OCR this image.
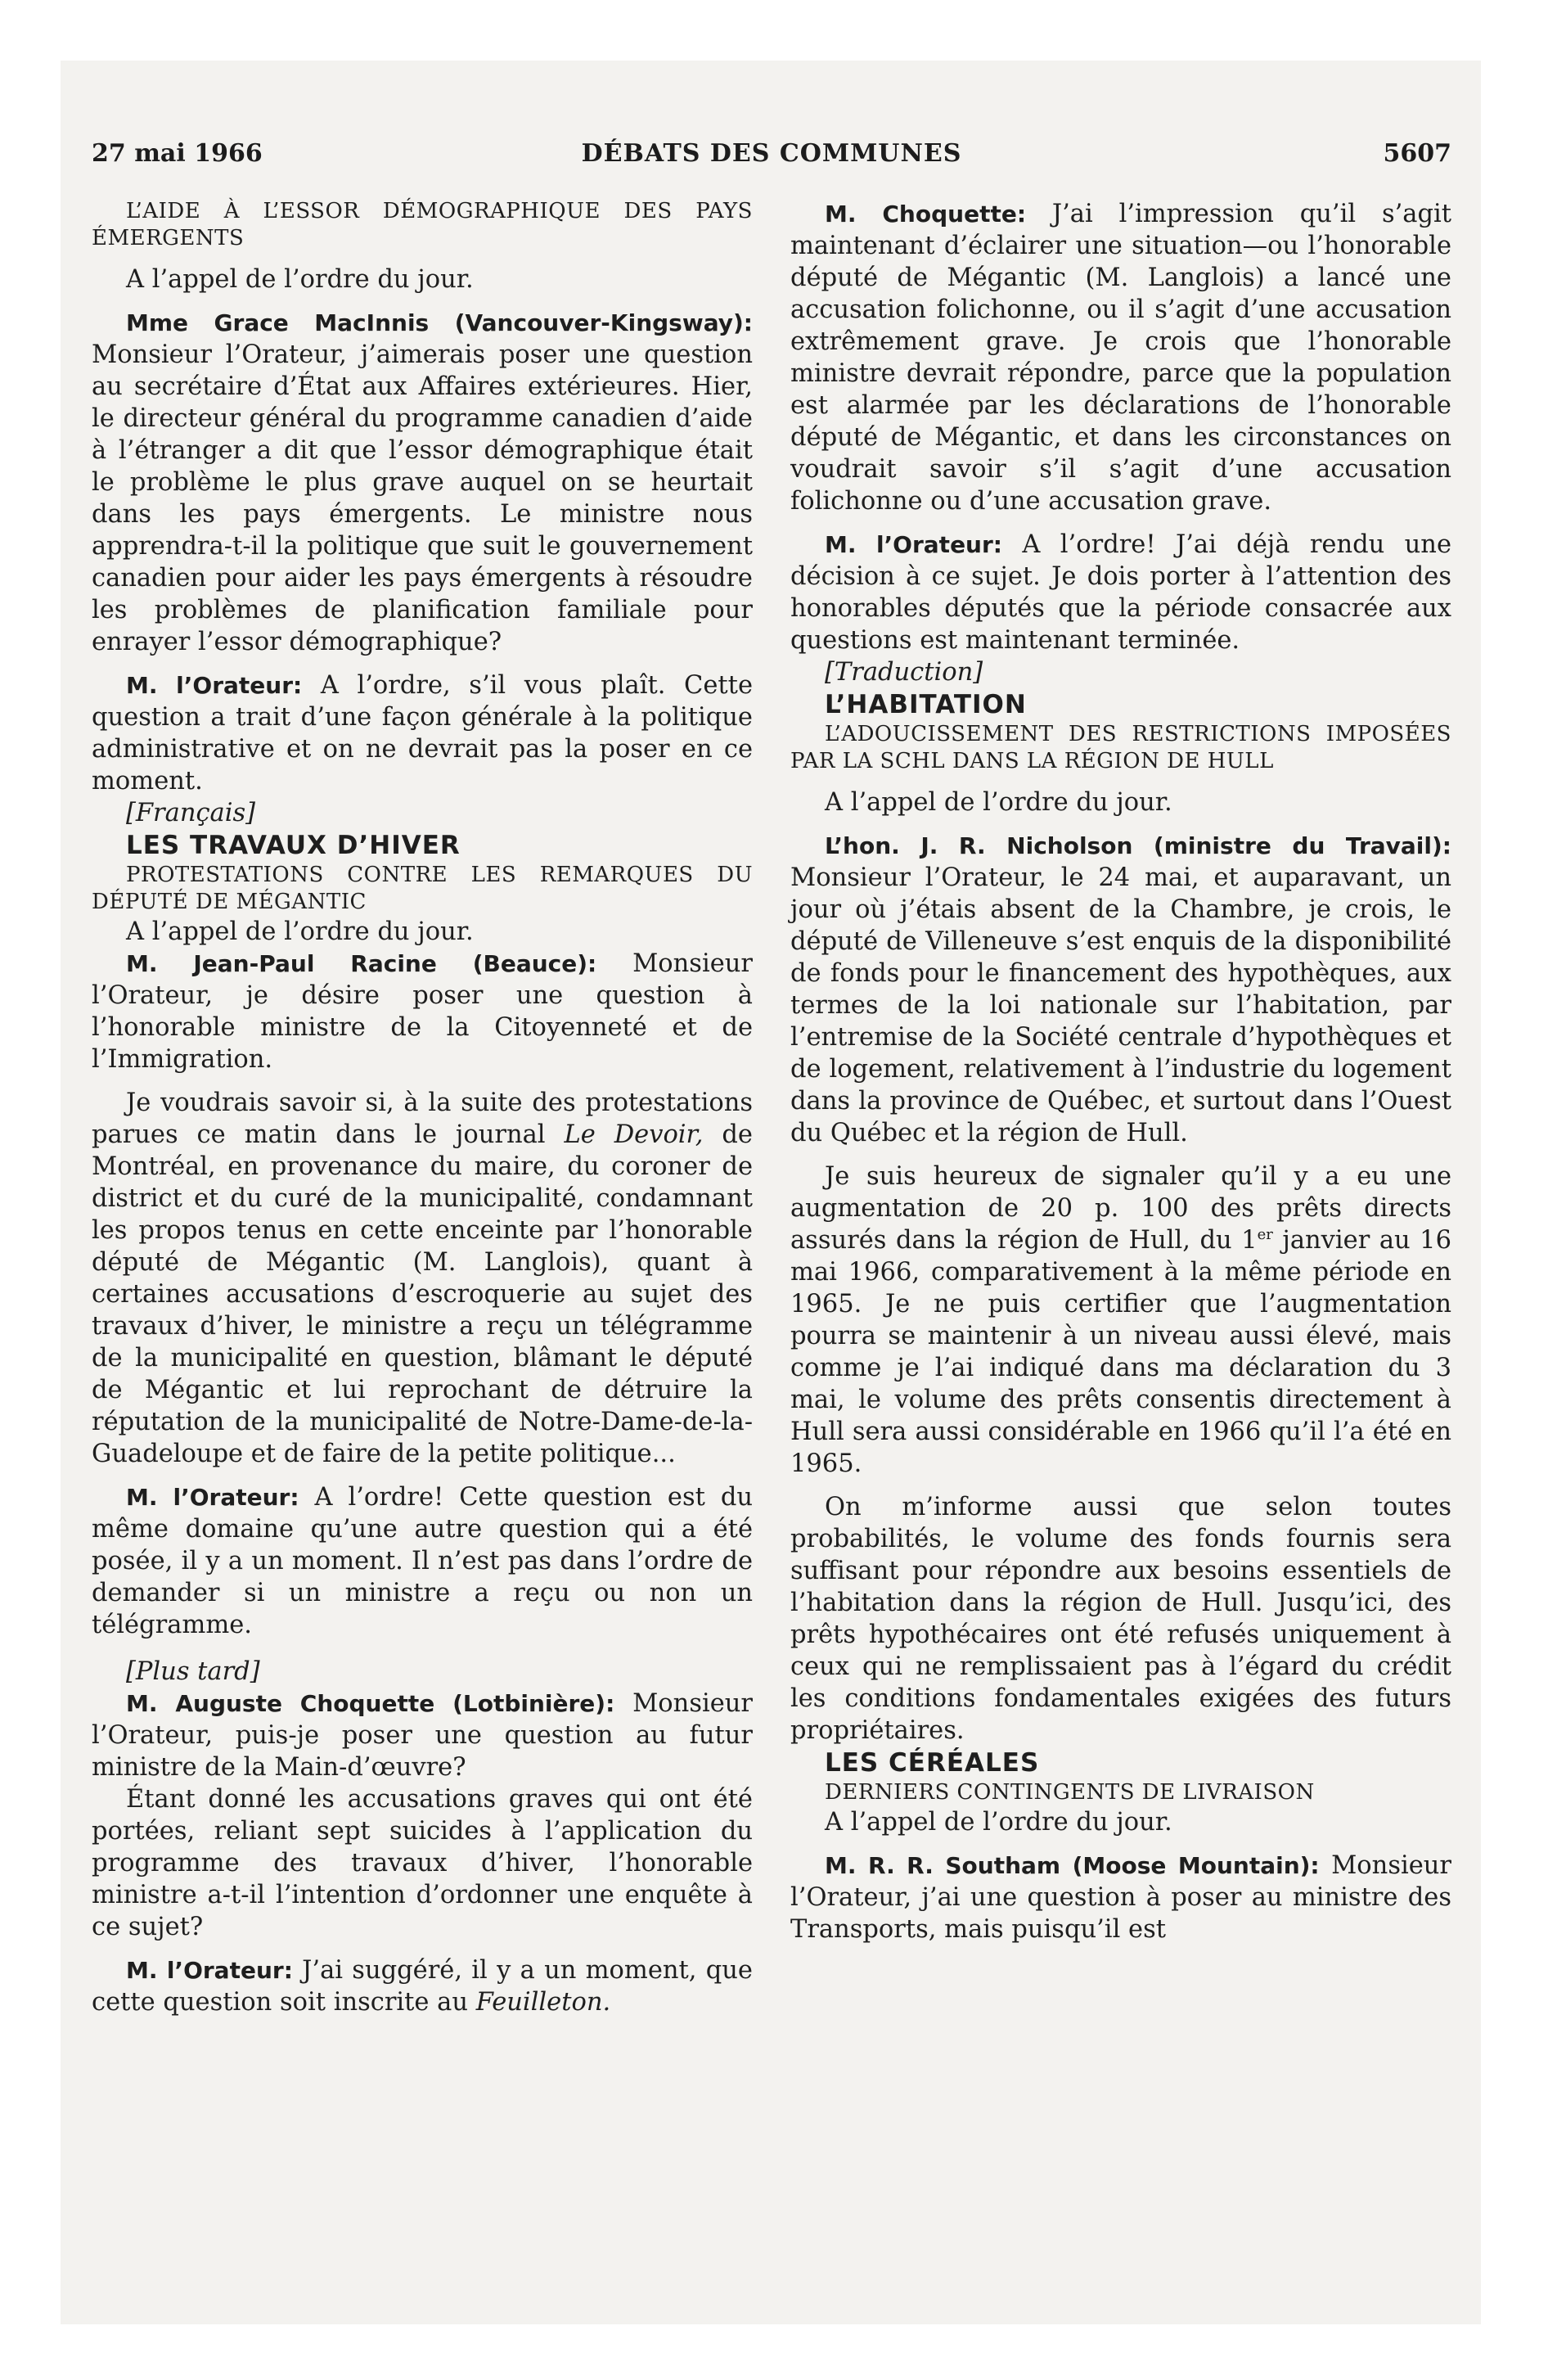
27 mai 1966	DÉBATS DES COMMUNES	5607

L’AIDE À L’ESSOR DÉMOGRAPHIQUE DES PAYS ÉMERGENTS

A l’appel de l’ordre du jour.

Mme Grace MacInnis (Vancouver-Kingsway): Monsieur l’Orateur, j’aimerais poser une question au secrétaire d’État aux Affaires extérieures. Hier, le directeur général du programme canadien d’aide à l’étranger a dit que l’essor démographique était le problème le plus grave auquel on se heurtait dans les pays émergents. Le ministre nous apprendra-t-il la politique que suit le gouvernement canadien pour aider les pays émergents à résoudre les problèmes de planification familiale pour enrayer l’essor démographique?

M. l’Orateur: A l’ordre, s’il vous plaît. Cette question a trait d’une façon générale à la politique administrative et on ne devrait pas la poser en ce moment.

[Français]

LES TRAVAUX D’HIVER

PROTESTATIONS CONTRE LES REMARQUES DU DÉPUTÉ DE MÉGANTIC

A l’appel de l’ordre du jour.

M. Jean-Paul Racine (Beauce): Monsieur l’Orateur, je désire poser une question à l’honorable ministre de la Citoyenneté et de l’Immigration.

Je voudrais savoir si, à la suite des protestations parues ce matin dans le journal Le Devoir, de Montréal, en provenance du maire, du coroner de district et du curé de la municipalité, condamnant les propos tenus en cette enceinte par l’honorable député de Mégantic (M. Langlois), quant à certaines accusations d’escroquerie au sujet des travaux d’hiver, le ministre a reçu un télégramme de la municipalité en question, blâmant le député de Mégantic et lui reprochant de détruire la réputation de la municipalité de Notre-Dame-de-la-Guadeloupe et de faire de la petite politique...

M. l’Orateur: A l’ordre! Cette question est du même domaine qu’une autre question qui a été posée, il y a un moment. Il n’est pas dans l’ordre de demander si un ministre a reçu ou non un télégramme.

[Plus tard]

M. Auguste Choquette (Lotbinière): Monsieur l’Orateur, puis-je poser une question au futur ministre de la Main-d’œuvre?

Étant donné les accusations graves qui ont été portées, reliant sept suicides à l’application du programme des travaux d’hiver, l’honorable ministre a-t-il l’intention d’ordonner une enquête à ce sujet?

M. l’Orateur: J’ai suggéré, il y a un moment, que cette question soit inscrite au Feuilleton.

M. Choquette: J’ai l’impression qu’il s’agit maintenant d’éclairer une situation—ou l’honorable député de Mégantic (M. Langlois) a lancé une accusation folichonne, ou il s’agit d’une accusation extrêmement grave. Je crois que l’honorable ministre devrait répondre, parce que la population est alarmée par les déclarations de l’honorable député de Mégantic, et dans les circonstances on voudrait savoir s’il s’agit d’une accusation folichonne ou d’une accusation grave.

M. l’Orateur: A l’ordre! J’ai déjà rendu une décision à ce sujet. Je dois porter à l’attention des honorables députés que la période consacrée aux questions est maintenant terminée.

[Traduction]

L’HABITATION

L’ADOUCISSEMENT DES RESTRICTIONS IMPOSÉES PAR LA SCHL DANS LA RÉGION DE HULL

A l’appel de l’ordre du jour.

L’hon. J. R. Nicholson (ministre du Travail): Monsieur l’Orateur, le 24 mai, et auparavant, un jour où j’étais absent de la Chambre, je crois, le député de Villeneuve s’est enquis de la disponibilité de fonds pour le financement des hypothèques, aux termes de la loi nationale sur l’habitation, par l’entremise de la Société centrale d’hypothèques et de logement, relativement à l’industrie du logement dans la province de Québec, et surtout dans l’Ouest du Québec et la région de Hull.

Je suis heureux de signaler qu’il y a eu une augmentation de 20 p. 100 des prêts directs assurés dans la région de Hull, du 1er janvier au 16 mai 1966, comparativement à la même période en 1965. Je ne puis certifier que l’augmentation pourra se maintenir à un niveau aussi élevé, mais comme je l’ai indiqué dans ma déclaration du 3 mai, le volume des prêts consentis directement à Hull sera aussi considérable en 1966 qu’il l’a été en 1965.

On m’informe aussi que selon toutes probabilités, le volume des fonds fournis sera suffisant pour répondre aux besoins essentiels de l’habitation dans la région de Hull. Jusqu’ici, des prêts hypothécaires ont été refusés uniquement à ceux qui ne remplissaient pas à l’égard du crédit les conditions fondamentales exigées des futurs propriétaires.

LES CÉRÉALES

DERNIERS CONTINGENTS DE LIVRAISON

A l’appel de l’ordre du jour.

M. R. R. Southam (Moose Mountain): Monsieur l’Orateur, j’ai une question à poser au ministre des Transports, mais puisqu’il est
